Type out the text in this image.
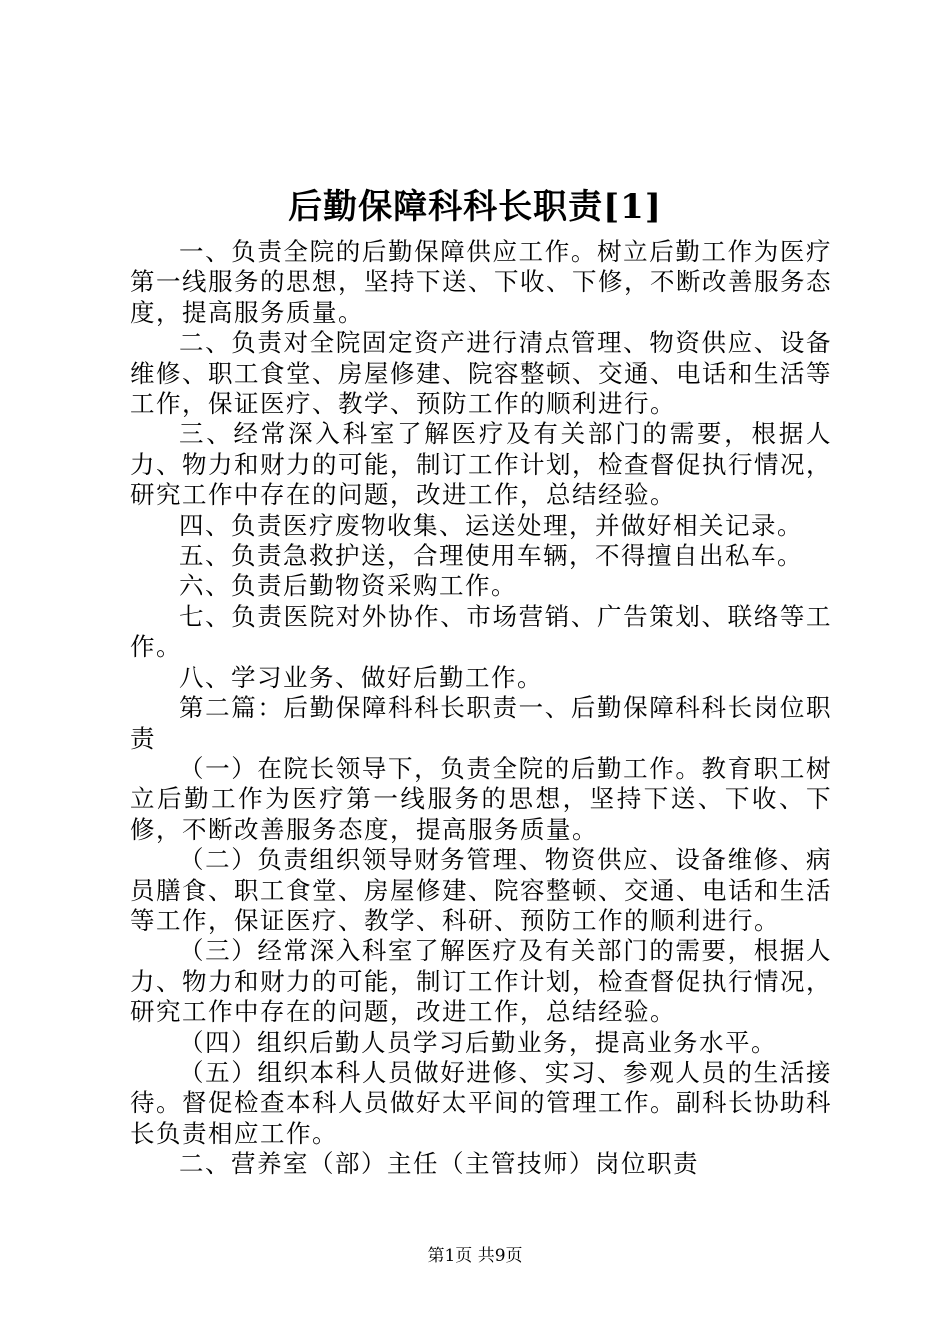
后勤保障科科长职责[1]

一、负责全院的后勤保障供应工作。树立后勤工作为医疗第一线服务的思想，坚持下送、下收、下修，不断改善服务态度，提高服务质量。

二、负责对全院固定资产进行清点管理、物资供应、设备维修、职工食堂、房屋修建、院容整顿、交通、电话和生活等工作，保证医疗、教学、预防工作的顺利进行。

三、经常深入科室了解医疗及有关部门的需要，根据人力、物力和财力的可能，制订工作计划，检查督促执行情况，研究工作中存在的问题，改进工作，总结经验。

四、负责医疗废物收集、运送处理，并做好相关记录。

五、负责急救护送，合理使用车辆，不得擅自出私车。

六、负责后勤物资采购工作。

七、负责医院对外协作、市场营销、广告策划、联络等工作。

八、学习业务、做好后勤工作。

第二篇：后勤保障科科长职责一、后勤保障科科长岗位职责

（一）在院长领导下，负责全院的后勤工作。教育职工树立后勤工作为医疗第一线服务的思想，坚持下送、下收、下修，不断改善服务态度，提高服务质量。

（二）负责组织领导财务管理、物资供应、设备维修、病员膳食、职工食堂、房屋修建、院容整顿、交通、电话和生活等工作，保证医疗、教学、科研、预防工作的顺利进行。

（三）经常深入科室了解医疗及有关部门的需要，根据人力、物力和财力的可能，制订工作计划，检查督促执行情况，研究工作中存在的问题，改进工作，总结经验。

（四）组织后勤人员学习后勤业务，提高业务水平。

（五）组织本科人员做好进修、实习、参观人员的生活接待。督促检查本科人员做好太平间的管理工作。副科长协助科长负责相应工作。

二、营养室（部）主任（主管技师）岗位职责

第1页 共9页
